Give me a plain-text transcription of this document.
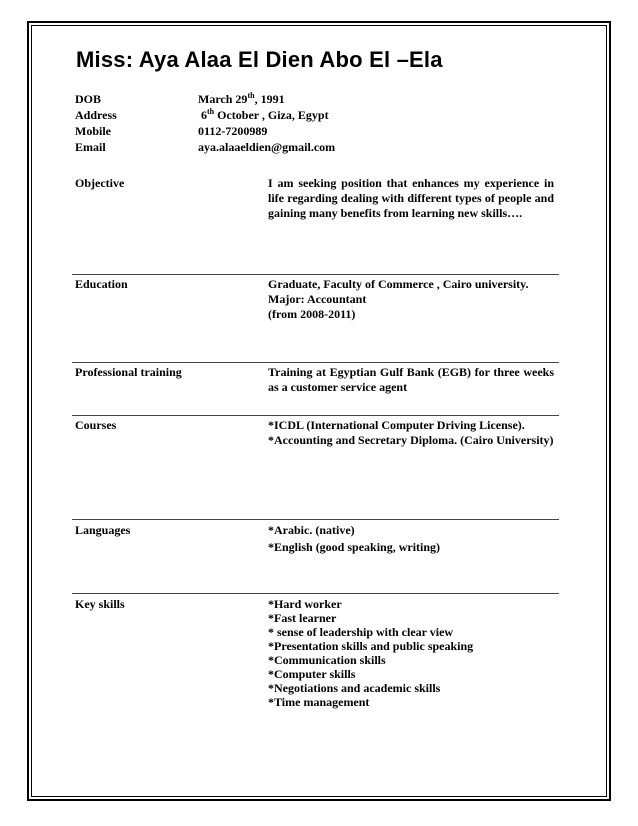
Miss: Aya Alaa El Dien Abo El –Ela
DOB	March 29th, 1991
Address	6th October , Giza, Egypt
Mobile	0112-7200989
Email	aya.alaaeldien@gmail.com
Objective	I am seeking position that enhances my experience in life regarding dealing with different types of people and gaining many benefits from learning new skills….
Education	Graduate, Faculty of Commerce , Cairo university.
Major: Accountant
(from 2008-2011)
Professional training	Training at Egyptian Gulf Bank (EGB) for three weeks as a customer service agent
Courses	*ICDL (International Computer Driving License).
*Accounting and Secretary Diploma. (Cairo University)
Languages	*Arabic. (native)
*English (good speaking, writing)
Key skills	*Hard worker
*Fast learner
* sense of leadership with clear view
*Presentation skills and public speaking
*Communication skills
*Computer skills
*Negotiations and academic skills
*Time management
